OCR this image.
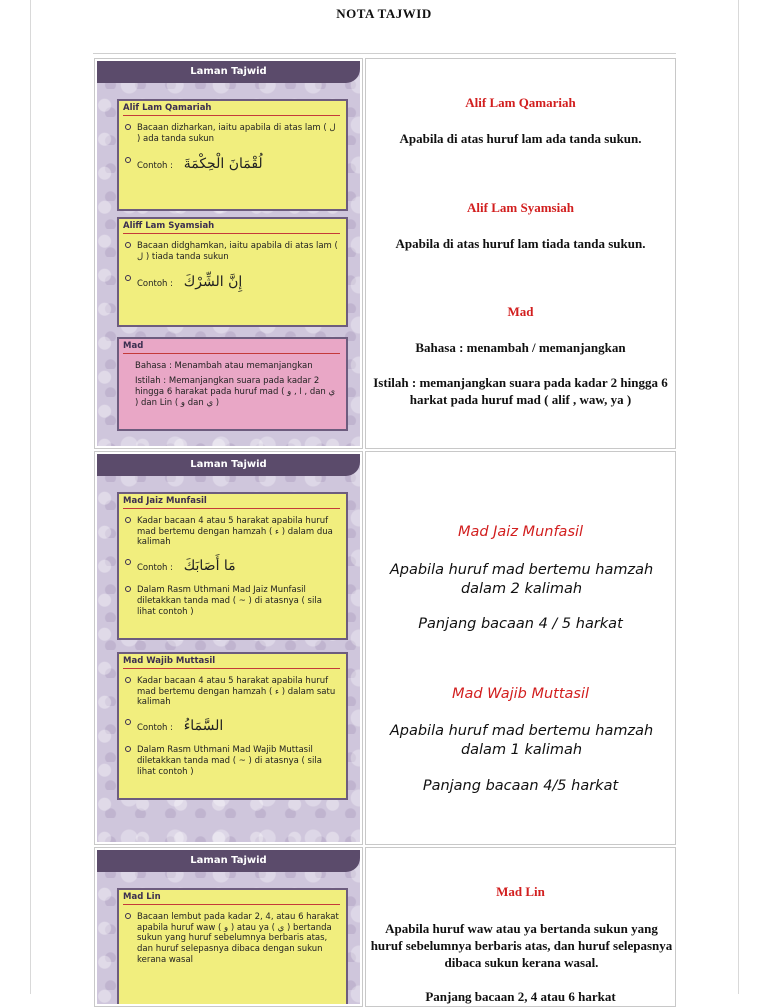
NOTA TAJWID
Laman Tajwid
Alif Lam Qamariah
Bacaan dizharkan, iaitu apabila di atas lam ( ل ) ada tanda sukun
Contoh : لُقْمَانَ الْحِكْمَةَ
Aliff Lam Syamsiah
Bacaan didghamkan, iaitu apabila di atas lam ( ل ) tiada tanda sukun
Contoh : إِنَّ الشِّرْكَ
Mad
Bahasa : Menambah atau memanjangkan
Istilah : Memanjangkan suara pada kadar 2 hingga 6 harakat pada huruf mad ( ا , و , dan ي ) dan Lin ( و dan ي )
Alif Lam Qamariah
Apabila di atas huruf lam ada tanda sukun.
Alif Lam Syamsiah
Apabila di atas huruf lam tiada tanda sukun.
Mad
Bahasa : menambah / memanjangkan
Istilah : memanjangkan suara pada kadar 2 hingga 6 harkat pada huruf mad ( alif , waw, ya )
Laman Tajwid
Mad Jaiz Munfasil
Kadar bacaan 4 atau 5 harakat apabila huruf mad bertemu dengan hamzah ( ء ) dalam dua kalimah
Contoh : مَا أَصَابَكَ
Dalam Rasm Uthmani Mad Jaiz Munfasil diletakkan tanda mad ( ~ ) di atasnya ( sila lihat contoh )
Mad Wajib Muttasil
Kadar bacaan 4 atau 5 harakat apabila huruf mad bertemu dengan hamzah ( ء ) dalam satu kalimah
Contoh : السَّمَاءُ
Dalam Rasm Uthmani Mad Wajib Muttasil diletakkan tanda mad ( ~ ) di atasnya ( sila lihat contoh )
Mad Jaiz Munfasil
Apabila huruf mad bertemu hamzah dalam 2 kalimah
Panjang bacaan 4 / 5 harkat
Mad Wajib Muttasil
Apabila huruf mad bertemu hamzah dalam 1 kalimah
Panjang bacaan 4/5 harkat
Laman Tajwid
Mad Lin
Bacaan lembut pada kadar 2, 4, atau 6 harakat apabila huruf waw ( و ) atau ya ( ي ) bertanda sukun yang huruf sebelumnya berbaris atas, dan huruf selepasnya dibaca dengan sukun kerana wasal
Mad Lin
Apabila huruf waw atau ya bertanda sukun yang huruf sebelumnya berbaris atas, dan huruf selepasnya dibaca sukun kerana wasal.
Panjang bacaan 2, 4 atau 6 harkat
